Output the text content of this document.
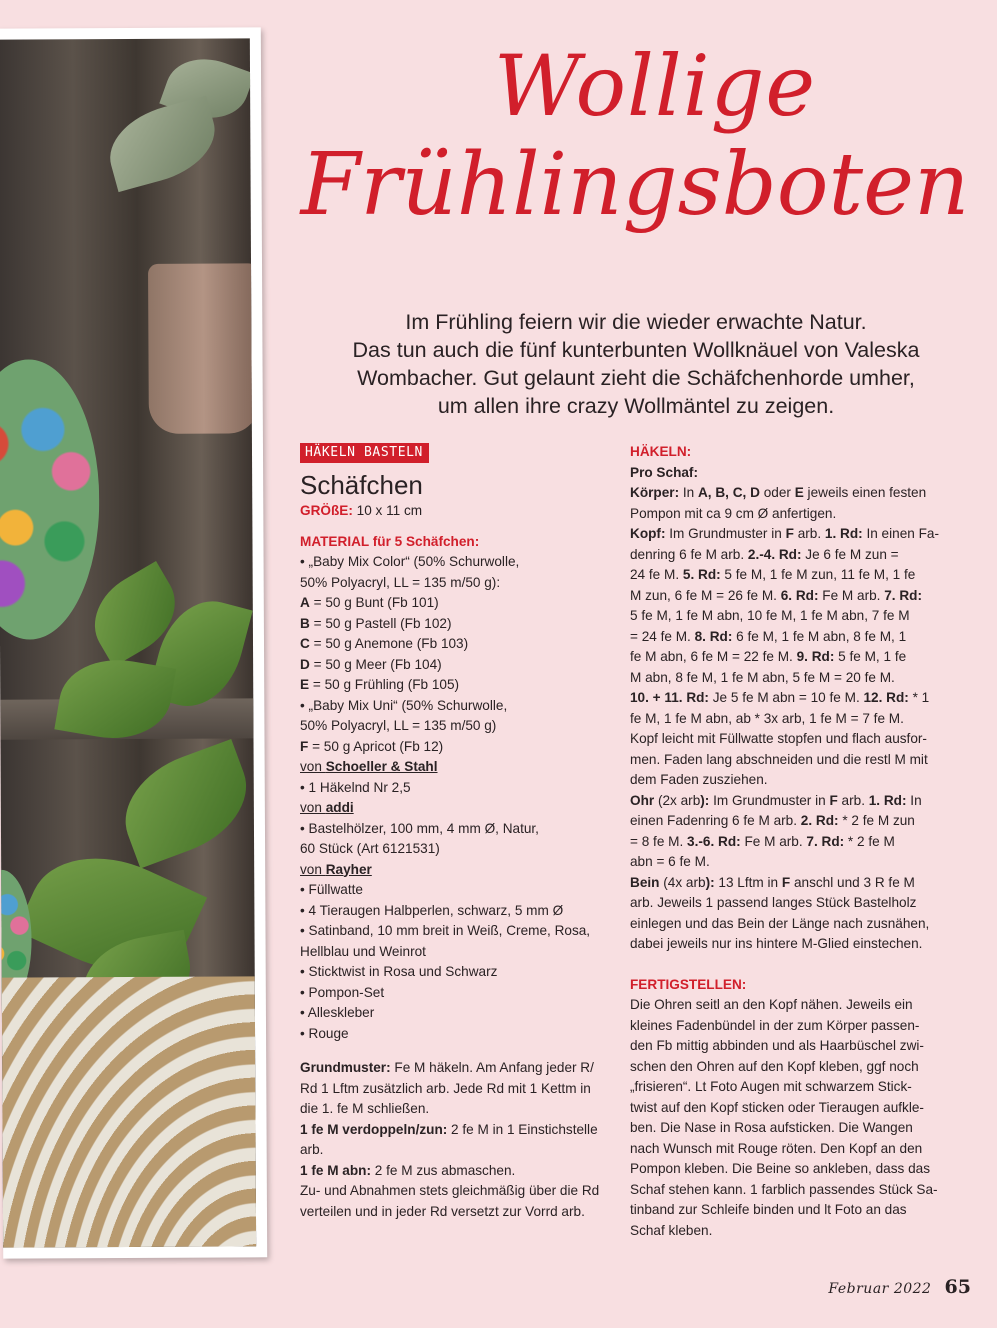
Wollige
Frühlingsboten
Im Frühling feiern wir die wieder erwachte Natur.
Das tun auch die fünf kunterbunten Wollknäuel von Valeska
Wombacher. Gut gelaunt zieht die Schäfchenhorde umher,
um allen ihre crazy Wollmäntel zu zeigen.
HÄKELN BASTELN
Schäfchen
GRÖßE: 10 x 11 cm
MATERIAL für 5 Schäfchen:
• „Baby Mix Color“ (50% Schurwolle,
50% Polyacryl, LL = 135 m/50 g):
A = 50 g Bunt (Fb 101)
B = 50 g Pastell (Fb 102)
C = 50 g Anemone (Fb 103)
D = 50 g Meer (Fb 104)
E = 50 g Frühling (Fb 105)
• „Baby Mix Uni“ (50% Schurwolle,
50% Polyacryl, LL = 135 m/50 g)
F = 50 g Apricot (Fb 12)
von Schoeller & Stahl
• 1 Häkelnd Nr 2,5
von addi
• Bastelhölzer, 100 mm, 4 mm Ø, Natur,
60 Stück (Art 6121531)
von Rayher
• Füllwatte
• 4 Tieraugen Halbperlen, schwarz, 5 mm Ø
• Satinband, 10 mm breit in Weiß, Creme, Rosa,
Hellblau und Weinrot
• Sticktwist in Rosa und Schwarz
• Pompon-Set
• Alleskleber
• Rouge
Grundmuster: Fe M häkeln. Am Anfang jeder R/
Rd 1 Lftm zusätzlich arb. Jede Rd mit 1 Kettm in
die 1. fe M schließen.
1 fe M verdoppeln/zun: 2 fe M in 1 Einstichstelle
arb.
1 fe M abn: 2 fe M zus abmaschen.
Zu- und Abnahmen stets gleichmäßig über die Rd
verteilen und in jeder Rd versetzt zur Vorrd arb.
HÄKELN:
Pro Schaf:
Körper: In A, B, C, D oder E jeweils einen festen
Pompon mit ca 9 cm Ø anfertigen.
Kopf: Im Grundmuster in F arb. 1. Rd: In einen Fa-
denring 6 fe M arb. 2.-4. Rd: Je 6 fe M zun =
24 fe M. 5. Rd: 5 fe M, 1 fe M zun, 11 fe M, 1 fe
M zun, 6 fe M = 26 fe M. 6. Rd: Fe M arb. 7. Rd:
5 fe M, 1 fe M abn, 10 fe M, 1 fe M abn, 7 fe M
= 24 fe M. 8. Rd: 6 fe M, 1 fe M abn, 8 fe M, 1
fe M abn, 6 fe M = 22 fe M. 9. Rd: 5 fe M, 1 fe
M abn, 8 fe M, 1 fe M abn, 5 fe M = 20 fe M.
10. + 11. Rd: Je 5 fe M abn = 10 fe M. 12. Rd: * 1
fe M, 1 fe M abn, ab * 3x arb, 1 fe M = 7 fe M.
Kopf leicht mit Füllwatte stopfen und flach ausfor-
men. Faden lang abschneiden und die restl M mit
dem Faden zusziehen.
Ohr (2x arb): Im Grundmuster in F arb. 1. Rd: In
einen Fadenring 6 fe M arb. 2. Rd: * 2 fe M zun
= 8 fe M. 3.-6. Rd: Fe M arb. 7. Rd: * 2 fe M
abn = 6 fe M.
Bein (4x arb): 13 Lftm in F anschl und 3 R fe M
arb. Jeweils 1 passend langes Stück Bastelholz
einlegen und das Bein der Länge nach zusnähen,
dabei jeweils nur ins hintere M-Glied einstechen.
FERTIGSTELLEN:
Die Ohren seitl an den Kopf nähen. Jeweils ein
kleines Fadenbündel in der zum Körper passen-
den Fb mittig abbinden und als Haarbüschel zwi-
schen den Ohren auf den Kopf kleben, ggf noch
„frisieren“. Lt Foto Augen mit schwarzem Stick-
twist auf den Kopf sticken oder Tieraugen aufkle-
ben. Die Nase in Rosa aufsticken. Die Wangen
nach Wunsch mit Rouge röten. Den Kopf an den
Pompon kleben. Die Beine so ankleben, dass das
Schaf stehen kann. 1 farblich passendes Stück Sa-
tinband zur Schleife binden und lt Foto an das
Schaf kleben.
Februar 2022 65
